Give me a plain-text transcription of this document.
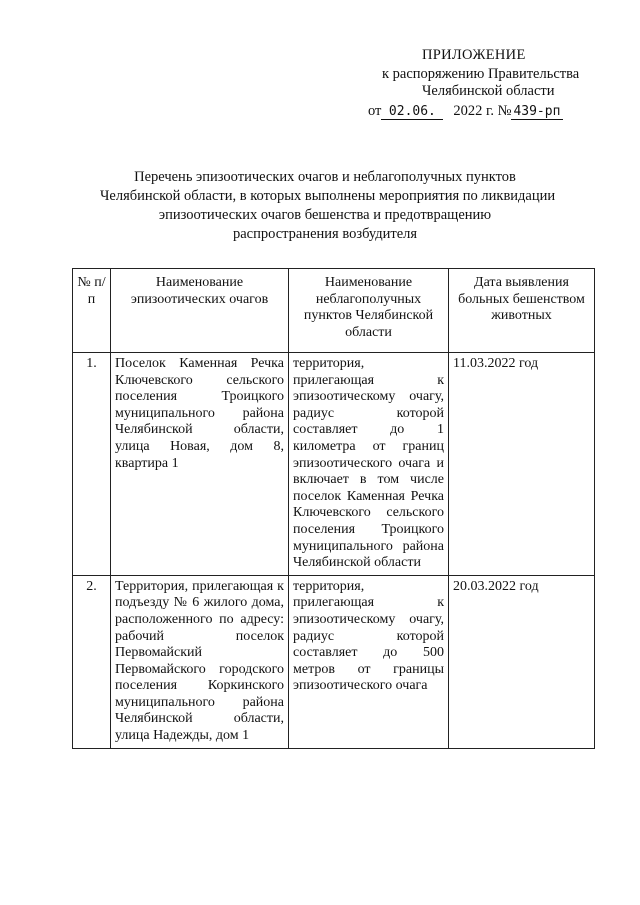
ПРИЛОЖЕНИЕ
к распоряжению Правительства
Челябинской области
от 02.06. 2022 г. № 439-рп
Перечень эпизоотических очагов и неблагополучных пунктов
Челябинской области, в которых выполнены мероприятия по ликвидации
эпизоотических очагов бешенства и предотвращению
распространения возбудителя
№ п/п	Наименование эпизоотических очагов	Наименование неблагополучных пунктов Челябинской области	Дата выявления больных бешенством животных
1.	Поселок Каменная Речка Ключевского сельского поселения Троицкого муниципального района Челябинской области, улица Новая, дом 8, квартира 1	территория, прилегающая к эпизоотическому очагу, радиус которой составляет до 1 километра от границ эпизоотического очага и включает в том числе поселок Каменная Речка Ключевского сельского поселения Троицкого муниципального района Челябинской области	11.03.2022 год
2.	Территория, прилегающая к подъезду № 6 жилого дома, расположенного по адресу: рабочий поселок Первомайский Первомайского городского поселения Коркинского муниципального района Челябинской области, улица Надежды, дом 1	территория, прилегающая к эпизоотическому очагу, радиус которой составляет до 500 метров от границы эпизоотического очага	20.03.2022 год
